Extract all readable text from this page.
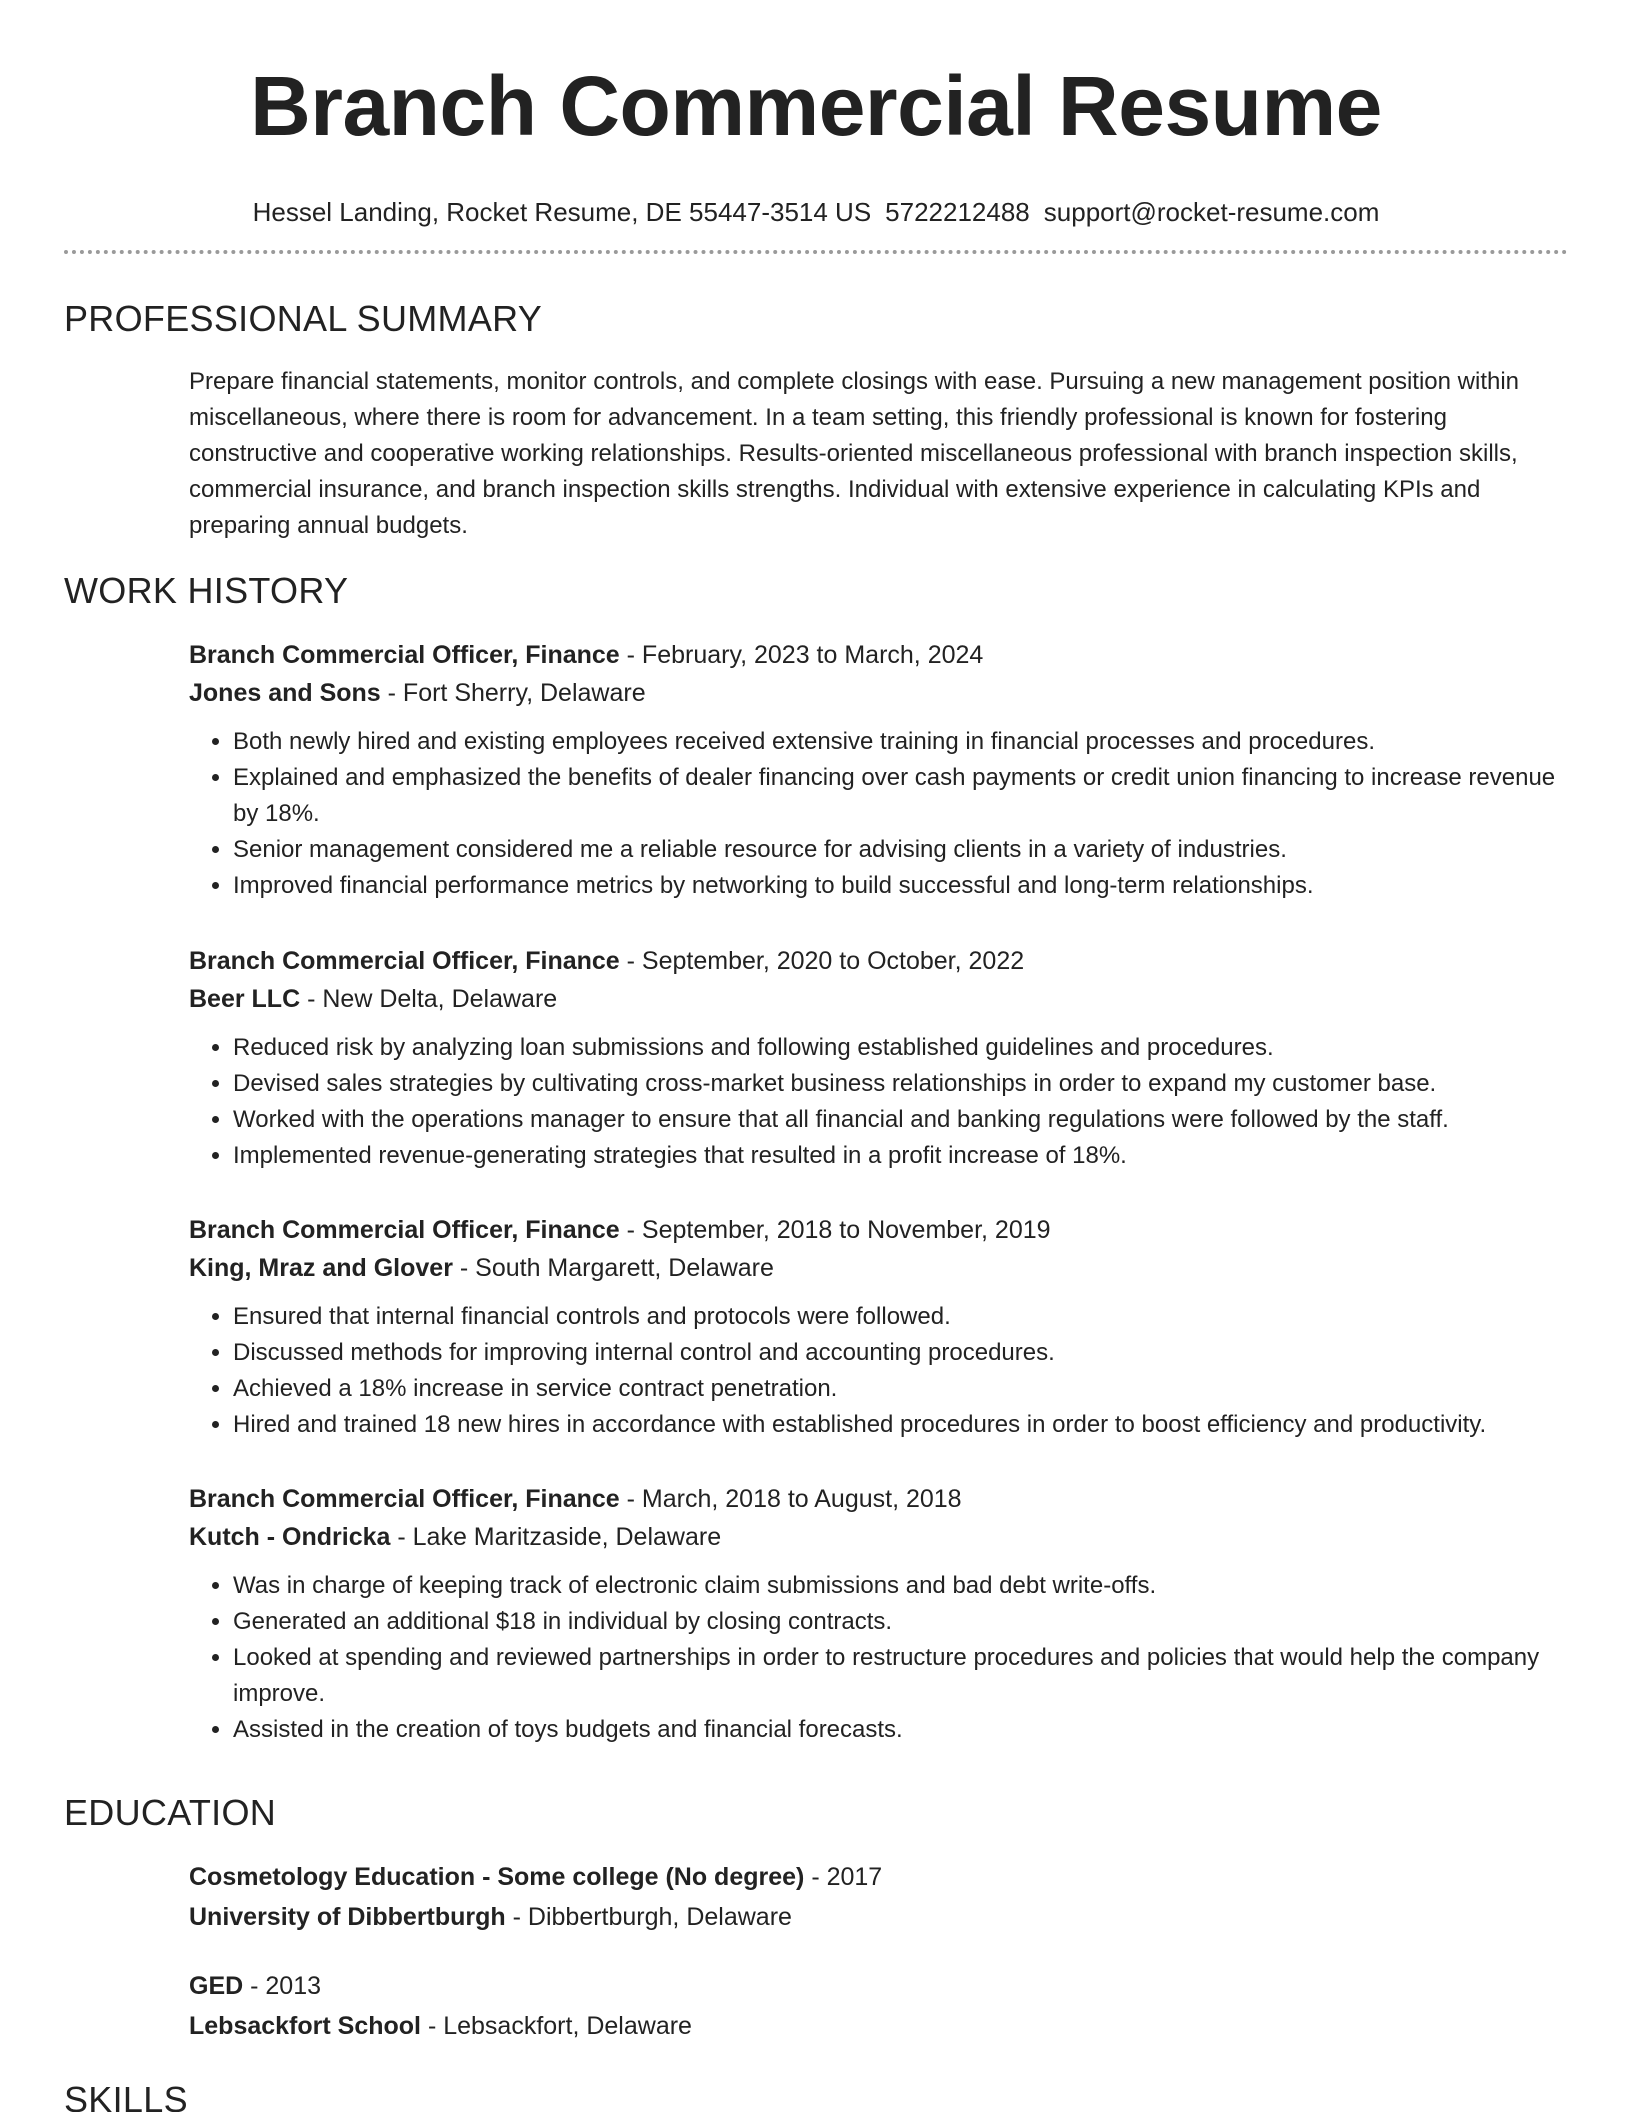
Branch Commercial Resume
Hessel Landing, Rocket Resume, DE 55447-3514 US 5722212488 support@rocket-resume.com
PROFESSIONAL SUMMARY
Prepare financial statements, monitor controls, and complete closings with ease. Pursuing a new management position within miscellaneous, where there is room for advancement. In a team setting, this friendly professional is known for fostering constructive and cooperative working relationships. Results-oriented miscellaneous professional with branch inspection skills, commercial insurance, and branch inspection skills strengths. Individual with extensive experience in calculating KPIs and preparing annual budgets.
WORK HISTORY
Branch Commercial Officer, Finance - February, 2023 to March, 2024
Jones and Sons - Fort Sherry, Delaware
• Both newly hired and existing employees received extensive training in financial processes and procedures.
• Explained and emphasized the benefits of dealer financing over cash payments or credit union financing to increase revenue by 18%.
• Senior management considered me a reliable resource for advising clients in a variety of industries.
• Improved financial performance metrics by networking to build successful and long-term relationships.
Branch Commercial Officer, Finance - September, 2020 to October, 2022
Beer LLC - New Delta, Delaware
• Reduced risk by analyzing loan submissions and following established guidelines and procedures.
• Devised sales strategies by cultivating cross-market business relationships in order to expand my customer base.
• Worked with the operations manager to ensure that all financial and banking regulations were followed by the staff.
• Implemented revenue-generating strategies that resulted in a profit increase of 18%.
Branch Commercial Officer, Finance - September, 2018 to November, 2019
King, Mraz and Glover - South Margarett, Delaware
• Ensured that internal financial controls and protocols were followed.
• Discussed methods for improving internal control and accounting procedures.
• Achieved a 18% increase in service contract penetration.
• Hired and trained 18 new hires in accordance with established procedures in order to boost efficiency and productivity.
Branch Commercial Officer, Finance - March, 2018 to August, 2018
Kutch - Ondricka - Lake Maritzaside, Delaware
• Was in charge of keeping track of electronic claim submissions and bad debt write-offs.
• Generated an additional $18 in individual by closing contracts.
• Looked at spending and reviewed partnerships in order to restructure procedures and policies that would help the company improve.
• Assisted in the creation of toys budgets and financial forecasts.
EDUCATION
Cosmetology Education - Some college (No degree) - 2017
University of Dibbertburgh - Dibbertburgh, Delaware
GED - 2013
Lebsackfort School - Lebsackfort, Delaware
SKILLS
